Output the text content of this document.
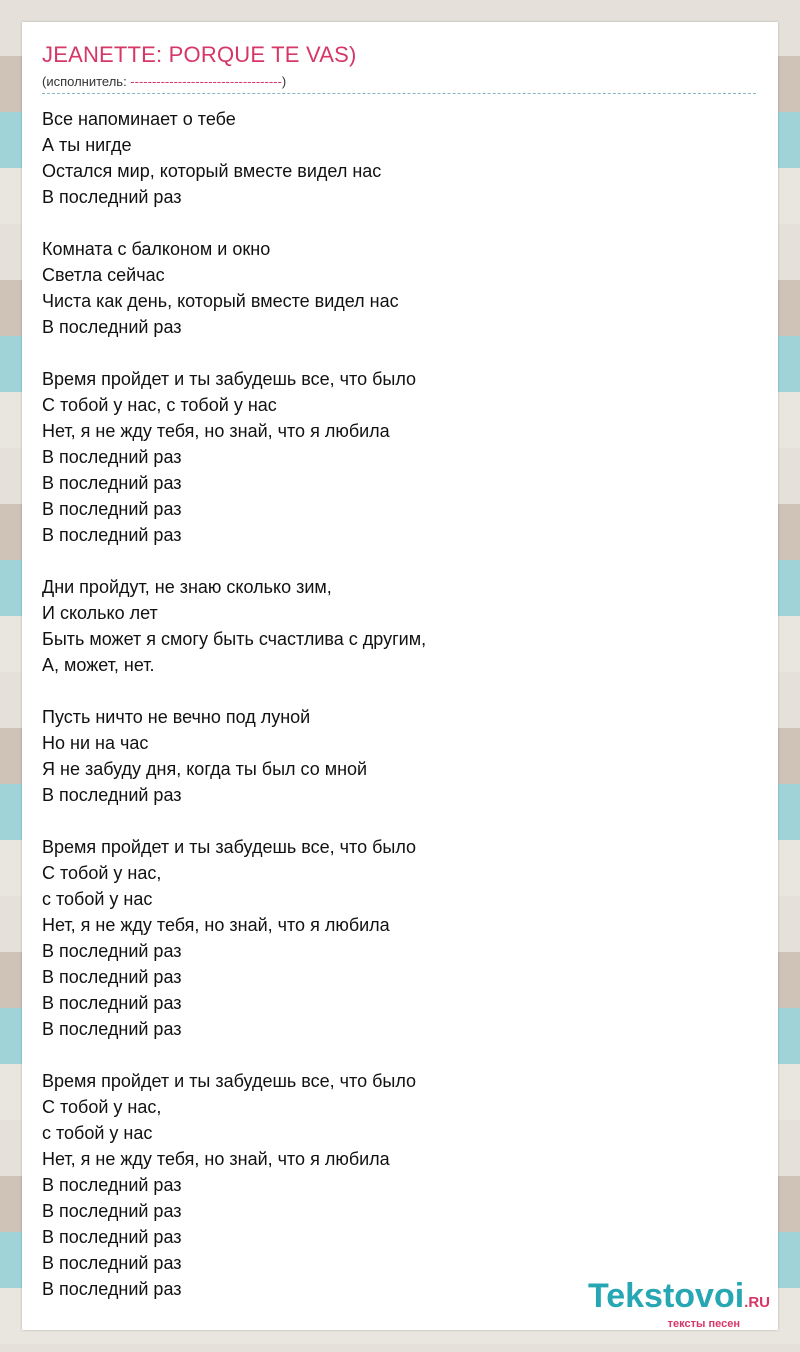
JEANETTE: PORQUE TE VAS)
(исполнитель: -----------------------------------)
Все напоминает о тебе
А ты нигде
Остался мир, который вместе видел нас
В последний раз
Комната с балконом и окно
Светла сейчас
Чиста как день, который вместе видел нас
В последний раз
Время пройдет и ты забудешь все, что было
С тобой у нас, с тобой у нас
Нет, я не жду тебя, но знай, что я любила
В последний раз
В последний раз
В последний раз
В последний раз
Дни пройдут, не знаю сколько зим,
И сколько лет
Быть может я смогу быть счастлива с другим,
А, может, нет.
Пусть ничто не вечно под луной
Но ни на час
Я не забуду дня, когда ты был со мной
В последний раз
Время пройдет и ты забудешь все, что было
С тобой у нас,
с тобой у нас
Нет, я не жду тебя, но знай, что я любила
В последний раз
В последний раз
В последний раз
В последний раз
Время пройдет и ты забудешь все, что было
С тобой у нас,
с тобой у нас
Нет, я не жду тебя, но знай, что я любила
В последний раз
В последний раз
В последний раз
В последний раз
В последний раз	Tekstovoi.RU
тексты песен
